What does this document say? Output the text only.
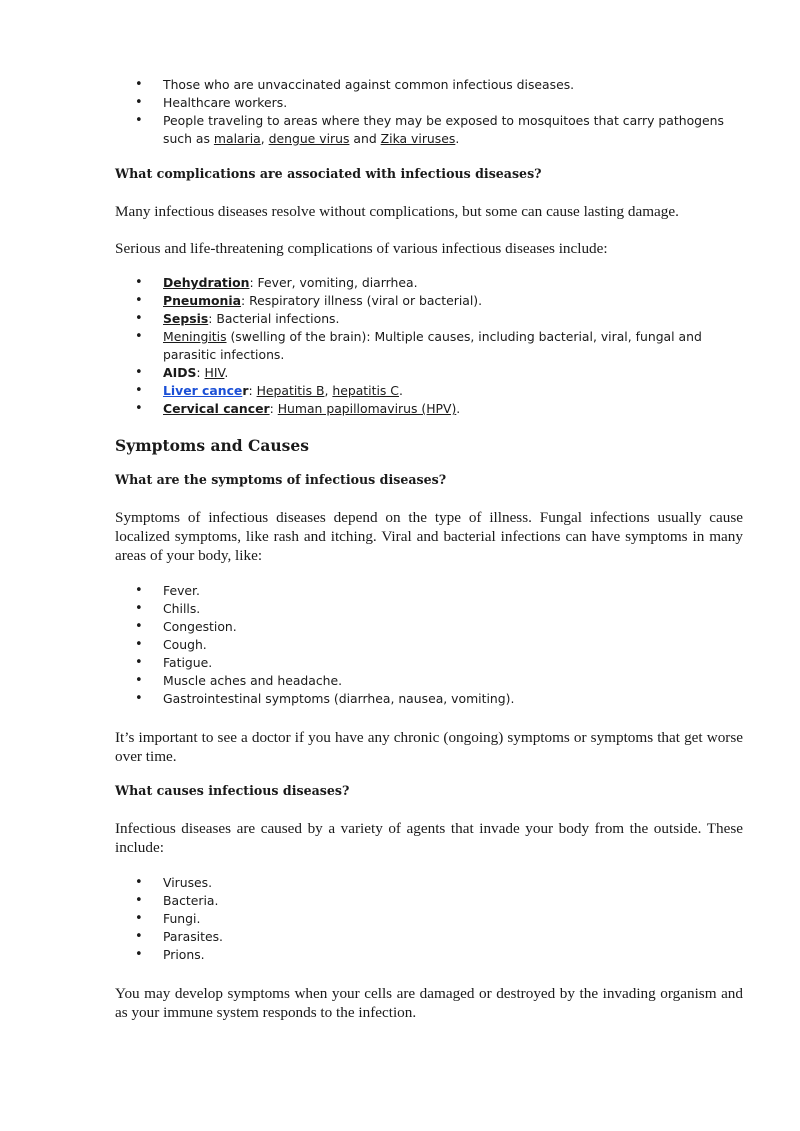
• Those who are unvaccinated against common infectious diseases.
• Healthcare workers.
• People traveling to areas where they may be exposed to mosquitoes that carry pathogens such as malaria, dengue virus and Zika viruses.
What complications are associated with infectious diseases?

Many infectious diseases resolve without complications, but some can cause lasting damage.

Serious and life-threatening complications of various infectious diseases include:

• Dehydration: Fever, vomiting, diarrhea.
• Pneumonia: Respiratory illness (viral or bacterial).
• Sepsis: Bacterial infections.
• Meningitis (swelling of the brain): Multiple causes, including bacterial, viral, fungal and parasitic infections.
• AIDS: HIV.
• Liver cancer: Hepatitis B, hepatitis C.
• Cervical cancer: Human papillomavirus (HPV).
Symptoms and Causes
What are the symptoms of infectious diseases?

Symptoms of infectious diseases depend on the type of illness. Fungal infections usually cause localized symptoms, like rash and itching. Viral and bacterial infections can have symptoms in many areas of your body, like:

• Fever.
• Chills.
• Congestion.
• Cough.
• Fatigue.
• Muscle aches and headache.
• Gastrointestinal symptoms (diarrhea, nausea, vomiting).

It’s important to see a doctor if you have any chronic (ongoing) symptoms or symptoms that get worse over time.

What causes infectious diseases?

Infectious diseases are caused by a variety of agents that invade your body from the outside. These include:

• Viruses.
• Bacteria.
• Fungi.
• Parasites.
• Prions.

You may develop symptoms when your cells are damaged or destroyed by the invading organism and as your immune system responds to the infection.
